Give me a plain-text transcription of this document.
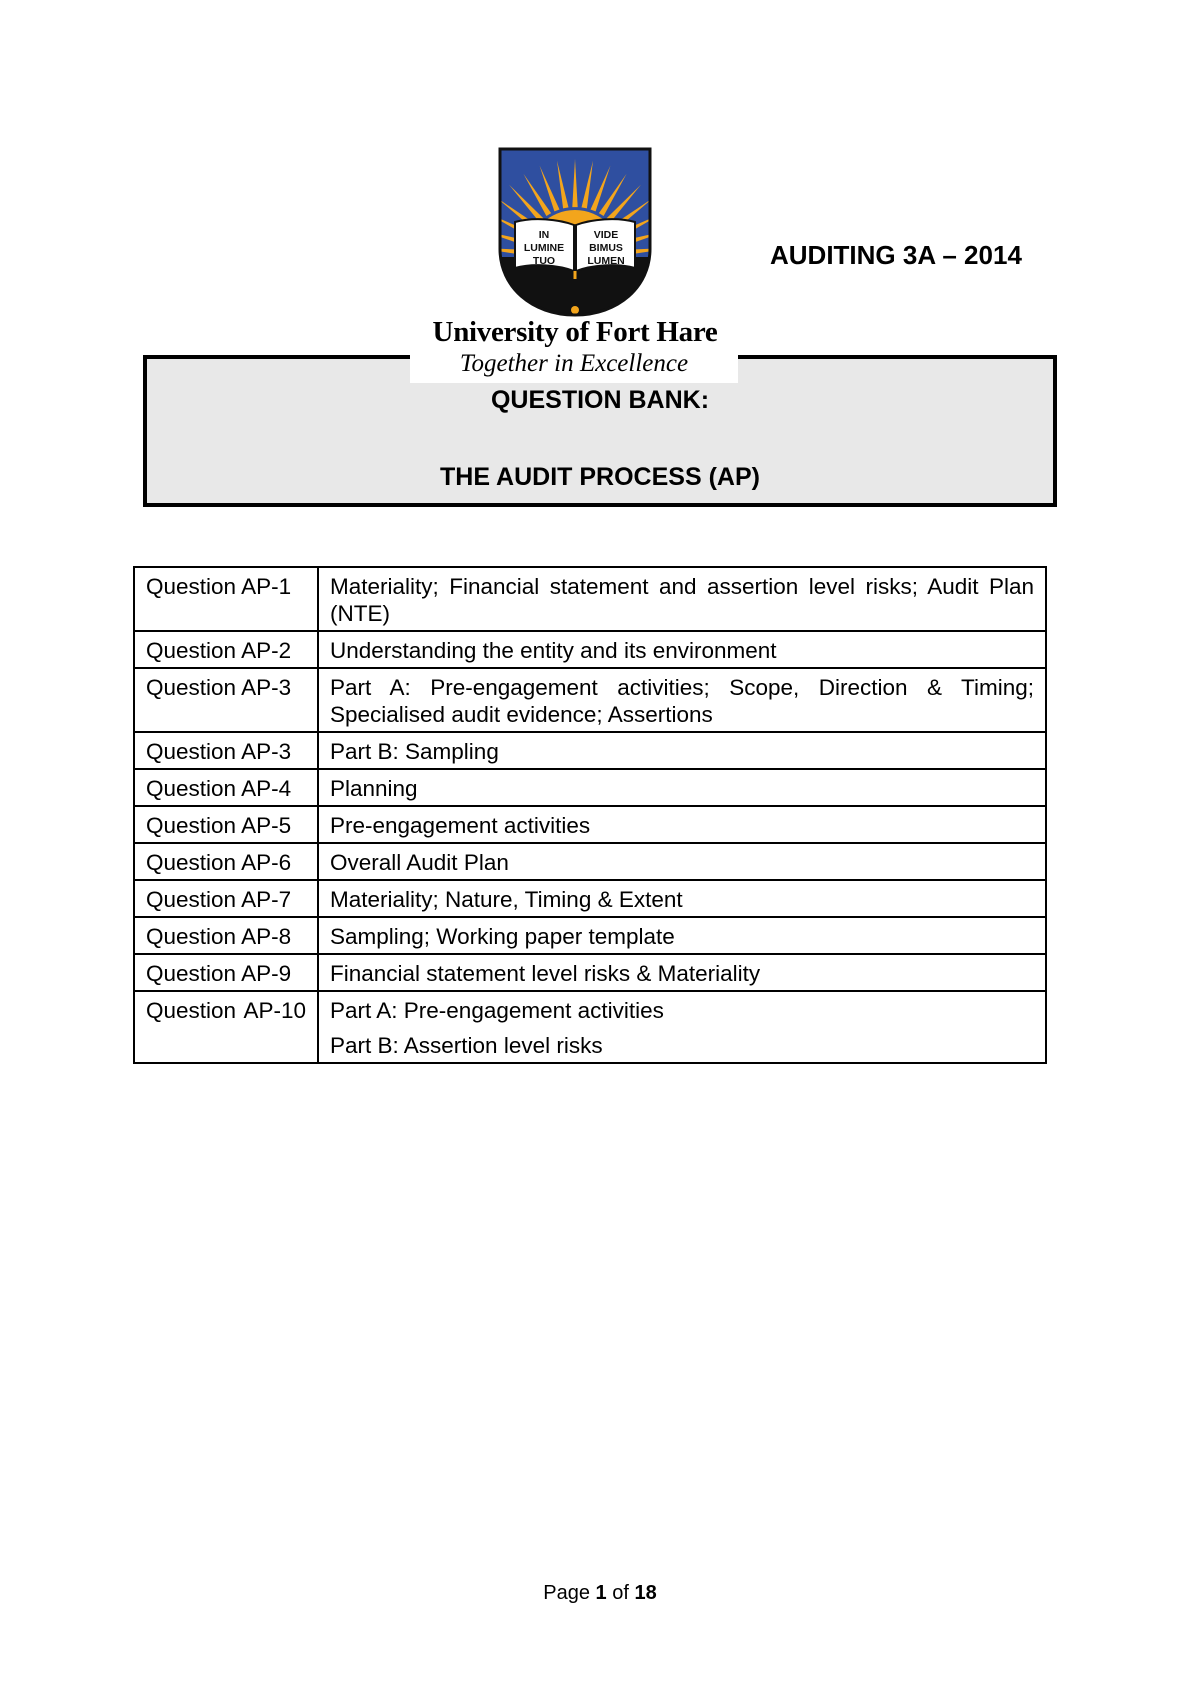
IN
LUMINE
TUO
VIDE
BIMUS
LUMEN
University of Fort Hare
AUDITING 3A – 2014
Together in Excellence
QUESTION BANK:
THE AUDIT PROCESS (AP)
Question AP-1	Materiality; Financial statement and assertion level risks; Audit Plan (NTE)
Question AP-2	Understanding the entity and its environment
Question AP-3	Part A: Pre-engagement activities; Scope, Direction & Timing; Specialised audit evidence; Assertions
Question AP-3	Part B: Sampling
Question AP-4	Planning
Question AP-5	Pre-engagement activities
Question AP-6	Overall Audit Plan
Question AP-7	Materiality; Nature, Timing & Extent
Question AP-8	Sampling; Working paper template
Question AP-9	Financial statement level risks & Materiality
Question AP-10	Part A: Pre-engagement activities
Part B: Assertion level risks
Page 1 of 18
